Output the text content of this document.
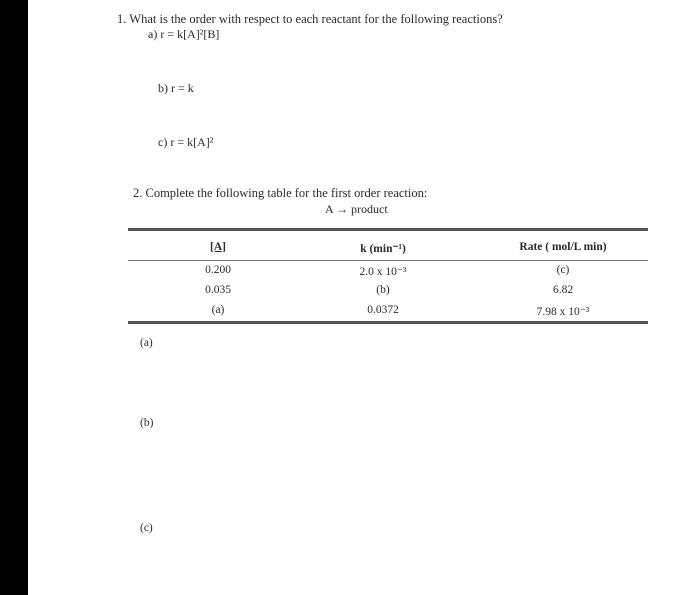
1. What is the order with respect to each reactant for the following reactions?
a) r = k[A]²[B]
b) r = k
c) r = k[A]²
2. Complete the following table for the first order reaction:
A → product
[A]	k (min⁻¹)	Rate ( mol/L min)
0.200	2.0 x 10⁻³	(c)
0.035	(b)	6.82
(a)	0.0372	7.98 x 10⁻³
(a)
(b)
(c)
